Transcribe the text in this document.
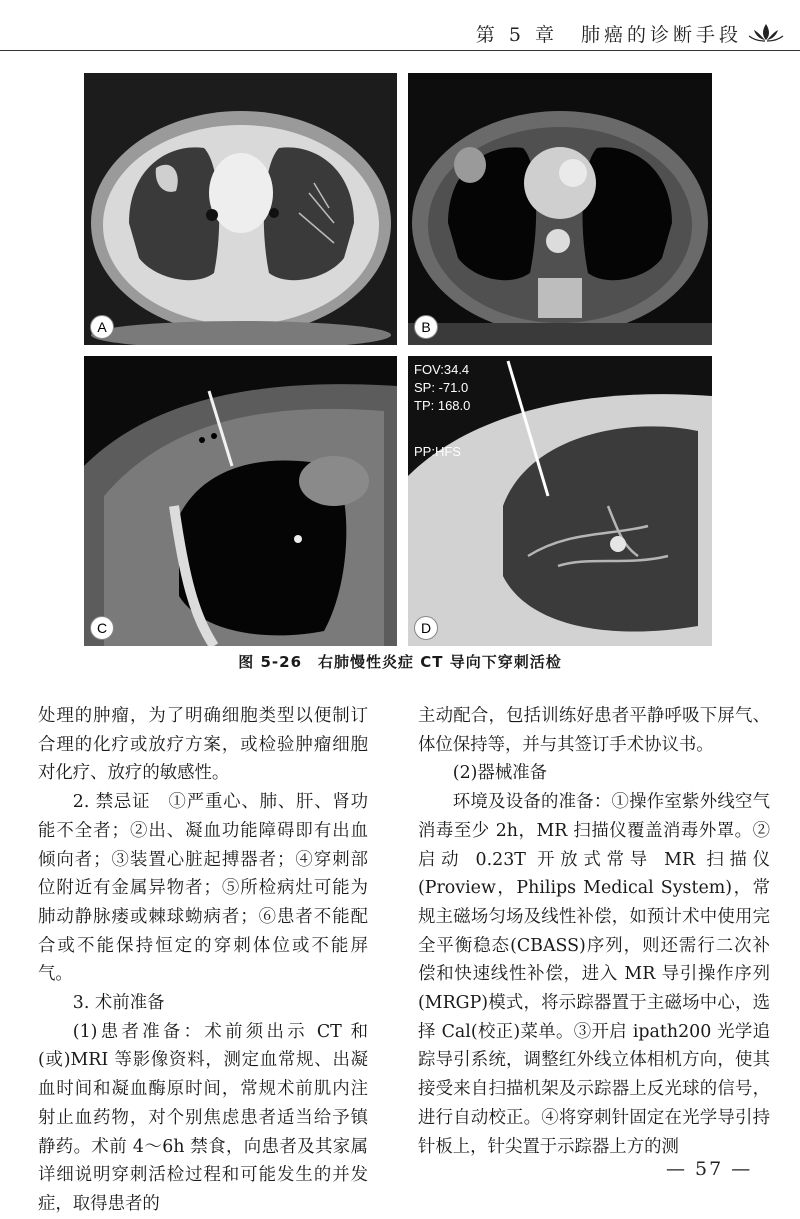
第 5 章　 肺癌的诊断手段
A	B
C
FOV:34.4
SP: -71.0
TP: 168.0
PP:HFS
D
图 5-26　右肺慢性炎症 CT 导向下穿刺活检

处理的肿瘤，为了明确细胞类型以便制订合理的化疗或放疗方案，或检验肿瘤细胞对化疗、放疗的敏感性。

2. 禁忌证　①严重心、肺、肝、肾功能不全者；②出、凝血功能障碍即有出血倾向者；③装置心脏起搏器者；④穿刺部位附近有金属异物者；⑤所检病灶可能为肺动静脉瘘或棘球蚴病者；⑥患者不能配合或不能保持恒定的穿刺体位或不能屏气。

3. 术前准备

(1)患者准备：术前须出示 CT 和(或)MRI 等影像资料，测定血常规、出凝血时间和凝血酶原时间，常规术前肌内注射止血药物，对个别焦虑患者适当给予镇静药。术前 4～6h 禁食，向患者及其家属详细说明穿刺活检过程和可能发生的并发症，取得患者的

主动配合，包括训练好患者平静呼吸下屏气、体位保持等，并与其签订手术协议书。

(2)器械准备

环境及设备的准备：①操作室紫外线空气消毒至少 2h，MR 扫描仪覆盖消毒外罩。②启动 0.23T 开放式常导 MR 扫描仪(Proview，Philips Medical System)，常规主磁场匀场及线性补偿，如预计术中使用完全平衡稳态(CBASS)序列，则还需行二次补偿和快速线性补偿，进入 MR 导引操作序列(MRGP)模式，将示踪器置于主磁场中心，选择 Cal(校正)菜单。③开启 ipath200 光学追踪导引系统，调整红外线立体相机方向，使其接受来自扫描机架及示踪器上反光球的信号，进行自动校正。④将穿刺针固定在光学导引持针板上，针尖置于示踪器上方的测

— 57 —
